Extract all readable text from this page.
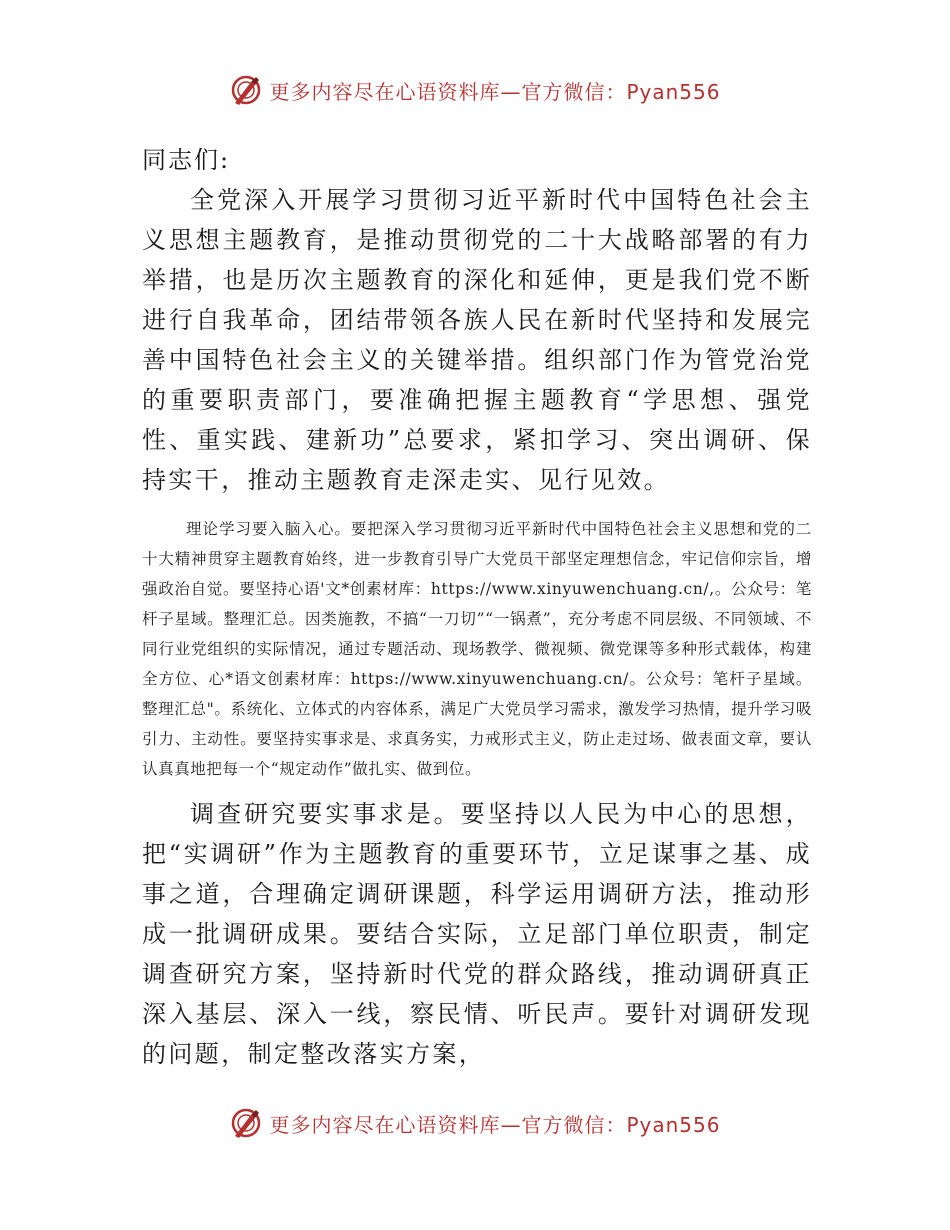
更多内容尽在心语资料库—官方微信：Pyan556

同志们:

全党深入开展学习贯彻习近平新时代中国特色社会主义思想主题教育，是推动贯彻党的二十大战略部署的有力举措，也是历次主题教育的深化和延伸，更是我们党不断进行自我革命，团结带领各族人民在新时代坚持和发展完善中国特色社会主义的关键举措。组织部门作为管党治党的重要职责部门，要准确把握主题教育“学思想、强党性、重实践、建新功”总要求，紧扣学习、突出调研、保持实干，推动主题教育走深走实、见行见效。

理论学习要入脑入心。要把深入学习贯彻习近平新时代中国特色社会主义思想和党的二十大精神贯穿主题教育始终，进一步教育引导广大党员干部坚定理想信念，牢记信仰宗旨，增强政治自觉。要坚持心语'文*创素材库：https://www.xinyuwenchuang.cn/,。公众号：笔杆子星域。整理汇总。因类施教，不搞“一刀切”“一锅煮”，充分考虑不同层级、不同领域、不同行业党组织的实际情况，通过专题活动、现场教学、微视频、微党课等多种形式载体，构建全方位、心*语文创素材库：https://www.xinyuwenchuang.cn/。公众号：笔杆子星域。整理汇总"。系统化、立体式的内容体系，满足广大党员学习需求，激发学习热情，提升学习吸引力、主动性。要坚持实事求是、求真务实，力戒形式主义，防止走过场、做表面文章，要认认真真地把每一个“规定动作”做扎实、做到位。

调查研究要实事求是。要坚持以人民为中心的思想，把“实调研”作为主题教育的重要环节，立足谋事之基、成事之道，合理确定调研课题，科学运用调研方法，推动形成一批调研成果。要结合实际，立足部门单位职责，制定调查研究方案，坚持新时代党的群众路线，推动调研真正深入基层、深入一线，察民情、听民声。要针对调研发现的问题，制定整改落实方案，

更多内容尽在心语资料库—官方微信：Pyan556
